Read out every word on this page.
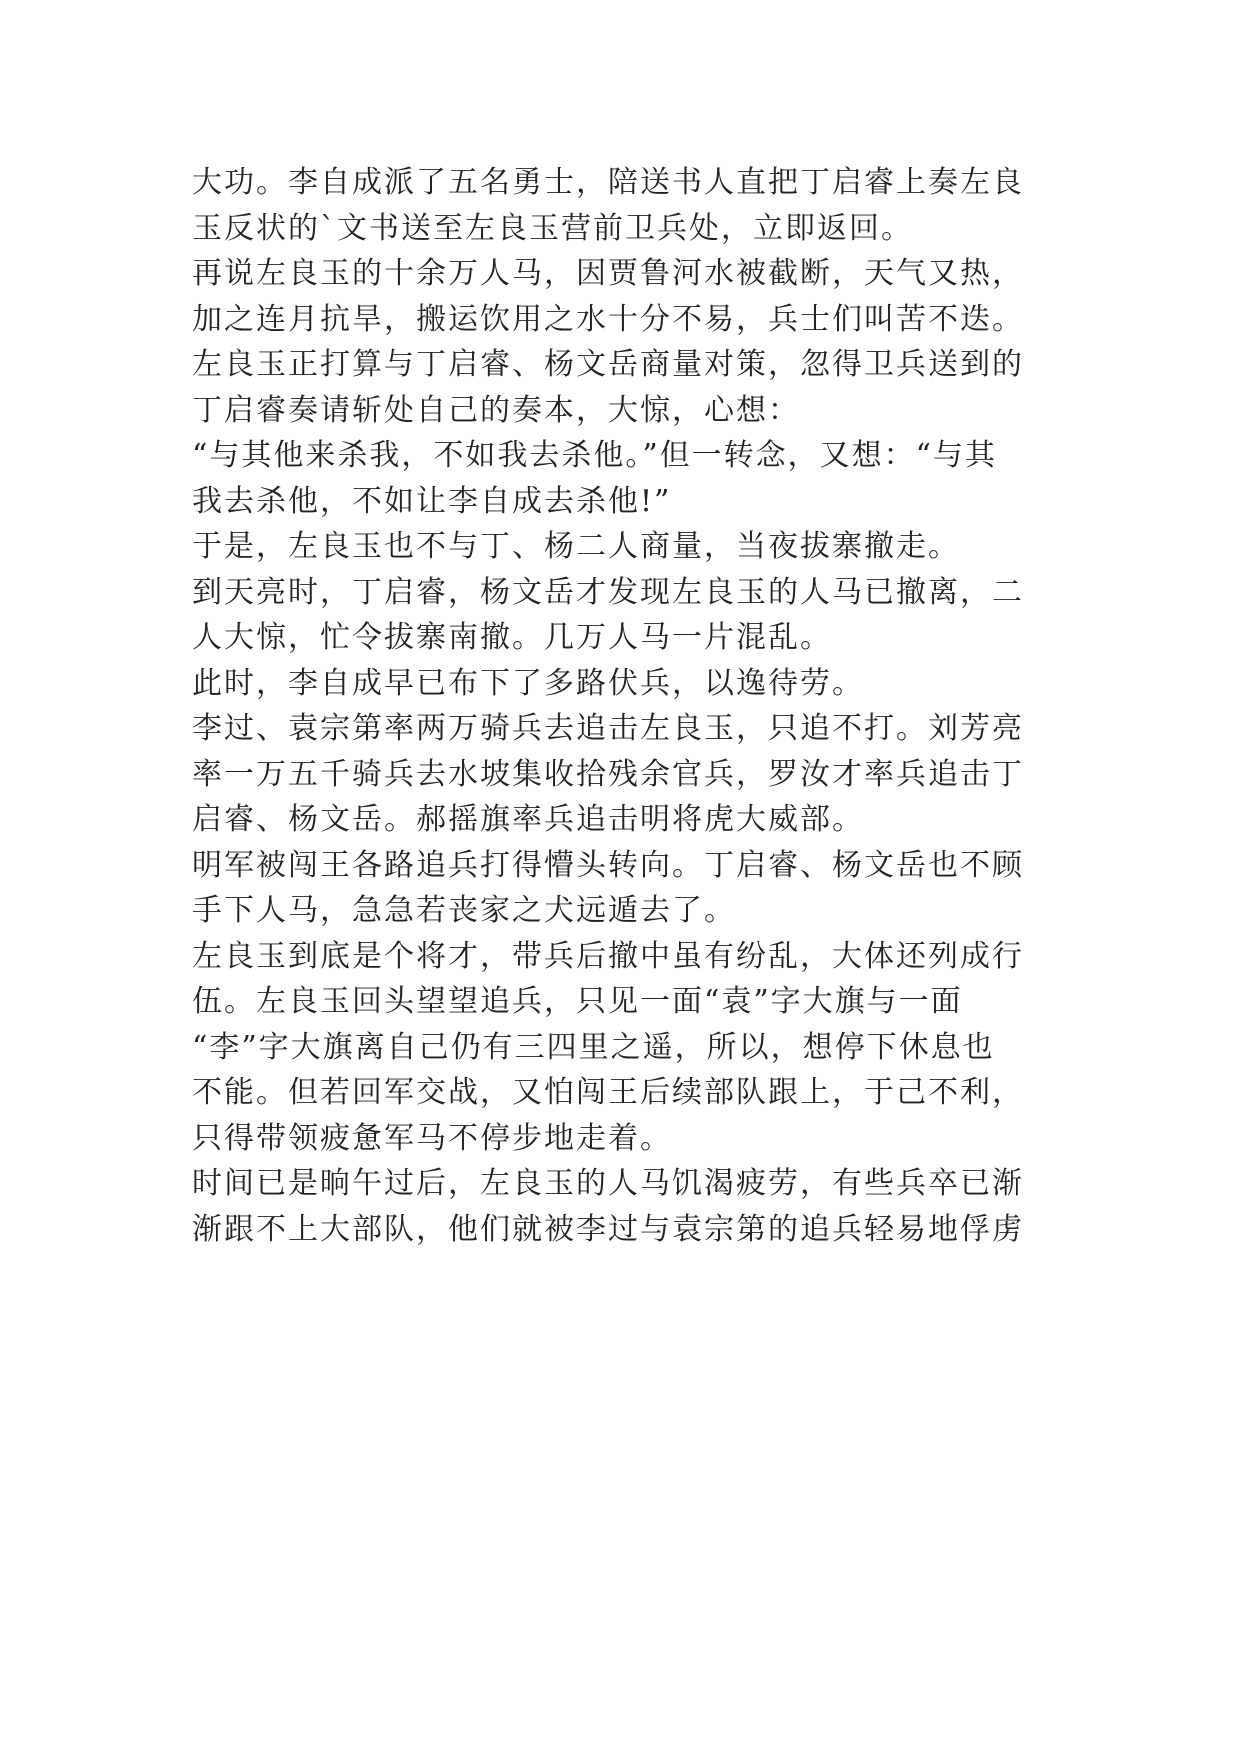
大功。李自成派了五名勇士，陪送书人直把丁启睿上奏左良
玉反状的`文书送至左良玉营前卫兵处，立即返回。
再说左良玉的十余万人马，因贾鲁河水被截断，天气又热，
加之连月抗旱，搬运饮用之水十分不易，兵士们叫苦不迭。
左良玉正打算与丁启睿、杨文岳商量对策，忽得卫兵送到的
丁启睿奏请斩处自己的奏本，大惊，心想：
“与其他来杀我，不如我去杀他。”但一转念，又想：“与其
我去杀他，不如让李自成去杀他!”
于是，左良玉也不与丁、杨二人商量，当夜拔寨撤走。
到天亮时，丁启睿，杨文岳才发现左良玉的人马已撤离，二
人大惊，忙令拔寨南撤。几万人马一片混乱。
此时，李自成早已布下了多路伏兵，以逸待劳。
李过、袁宗第率两万骑兵去追击左良玉，只追不打。刘芳亮
率一万五千骑兵去水坡集收拾残余官兵，罗汝才率兵追击丁
启睿、杨文岳。郝摇旗率兵追击明将虎大威部。
明军被闯王各路追兵打得懵头转向。丁启睿、杨文岳也不顾
手下人马，急急若丧家之犬远遁去了。
左良玉到底是个将才，带兵后撤中虽有纷乱，大体还列成行
伍。左良玉回头望望追兵，只见一面“袁”字大旗与一面
“李”字大旗离自己仍有三四里之遥，所以，想停下休息也
不能。但若回军交战，又怕闯王后续部队跟上，于己不利，
只得带领疲惫军马不停步地走着。
时间已是晌午过后，左良玉的人马饥渴疲劳，有些兵卒已渐
渐跟不上大部队，他们就被李过与袁宗第的追兵轻易地俘虏
